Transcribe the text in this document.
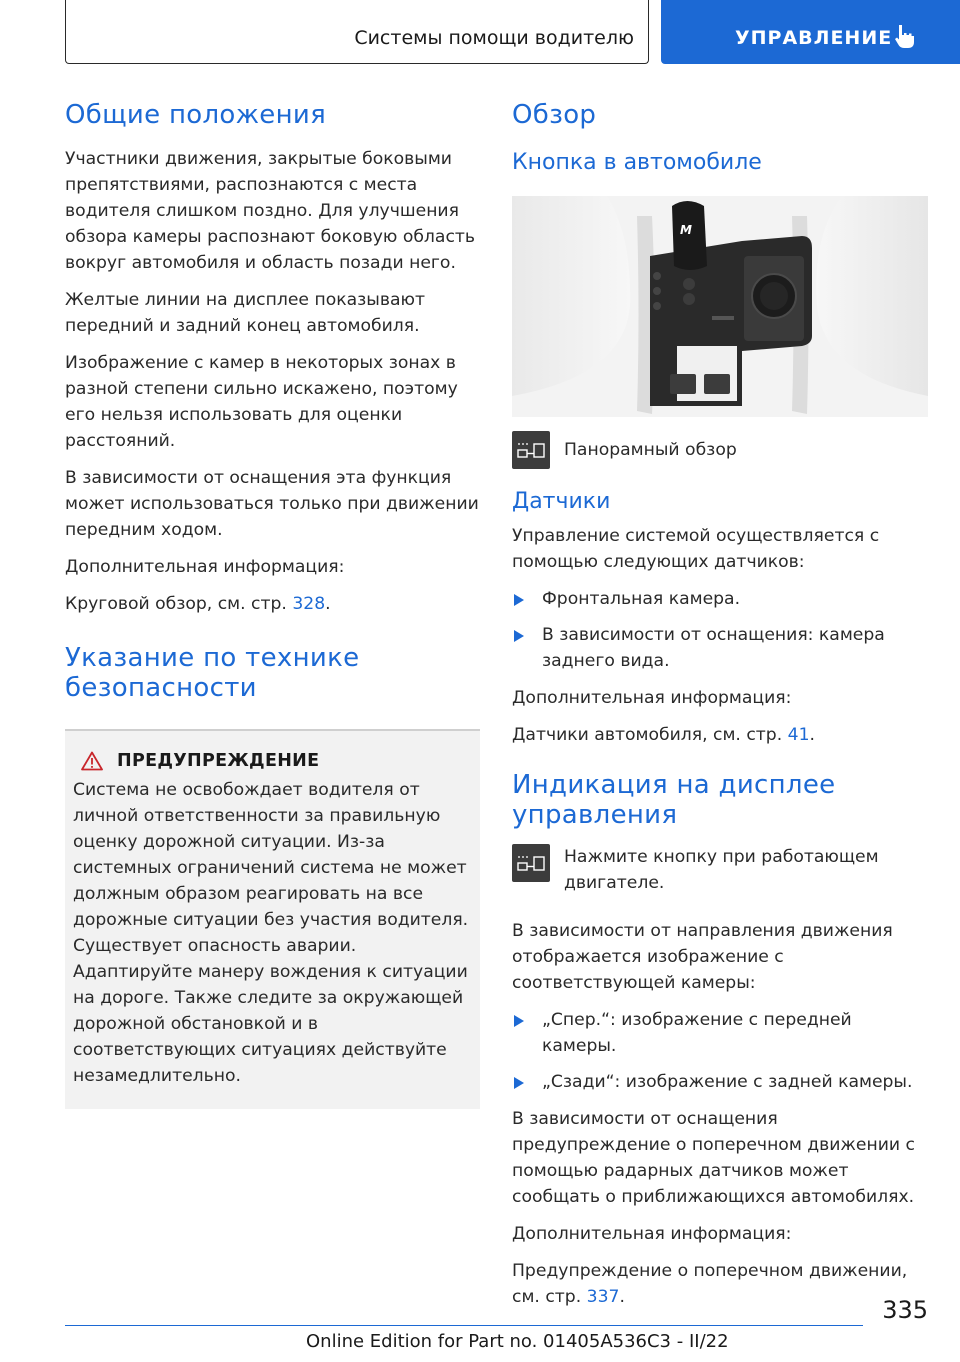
Системы помощи водителю	УПРАВЛЕНИЕ
Общие положения

Участники движения, закрытые боковыми препятствиями, распознаются с места водителя слишком поздно. Для улучшения обзора камеры распознают боковую область вокруг автомобиля и область позади него.

Желтые линии на дисплее показывают передний и задний конец автомобиля.

Изображение с камер в некоторых зонах в разной степени сильно искажено, поэтому его нельзя использовать для оценки расстояний.

В зависимости от оснащения эта функция может использоваться только при движении передним ходом.

Дополнительная информация:

Круговой обзор, см. стр. 328.

Указание по технике безопасности
ПРЕДУПРЕЖДЕНИЕ

Система не освобождает водителя от личной ответственности за правильную оценку дорожной ситуации. Из-за системных ограничений система не может должным образом реагировать на все дорожные ситуации без участия водителя. Существует опасность аварии. Адаптируйте манеру вождения к ситуации на дороге. Также следите за окружающей дорожной обстановкой и в соответствующих ситуациях действуйте незамедлительно.

Обзор
Кнопка в автомобиле
M

Панорамный обзор

Датчики

Управление системой осуществляется с помощью следующих датчиков:

Фронтальная камера.
В зависимости от оснащения: камера заднего вида.

Дополнительная информация:

Датчики автомобиля, см. стр. 41.

Индикация на дисплее управления

Нажмите кнопку при работающем двигателе.

В зависимости от направления движения отображается изображение с соответствующей камеры:

„Спер.“: изображение с передней камеры.
„Сзади“: изображение с задней камеры.

В зависимости от оснащения предупреждение о поперечном движении с помощью радарных датчиков может сообщать о приближающихся автомобилях.

Дополнительная информация:

Предупреждение о поперечном движении, см. стр. 337.	335
Online Edition for Part no. 01405A536C3 - II/22
